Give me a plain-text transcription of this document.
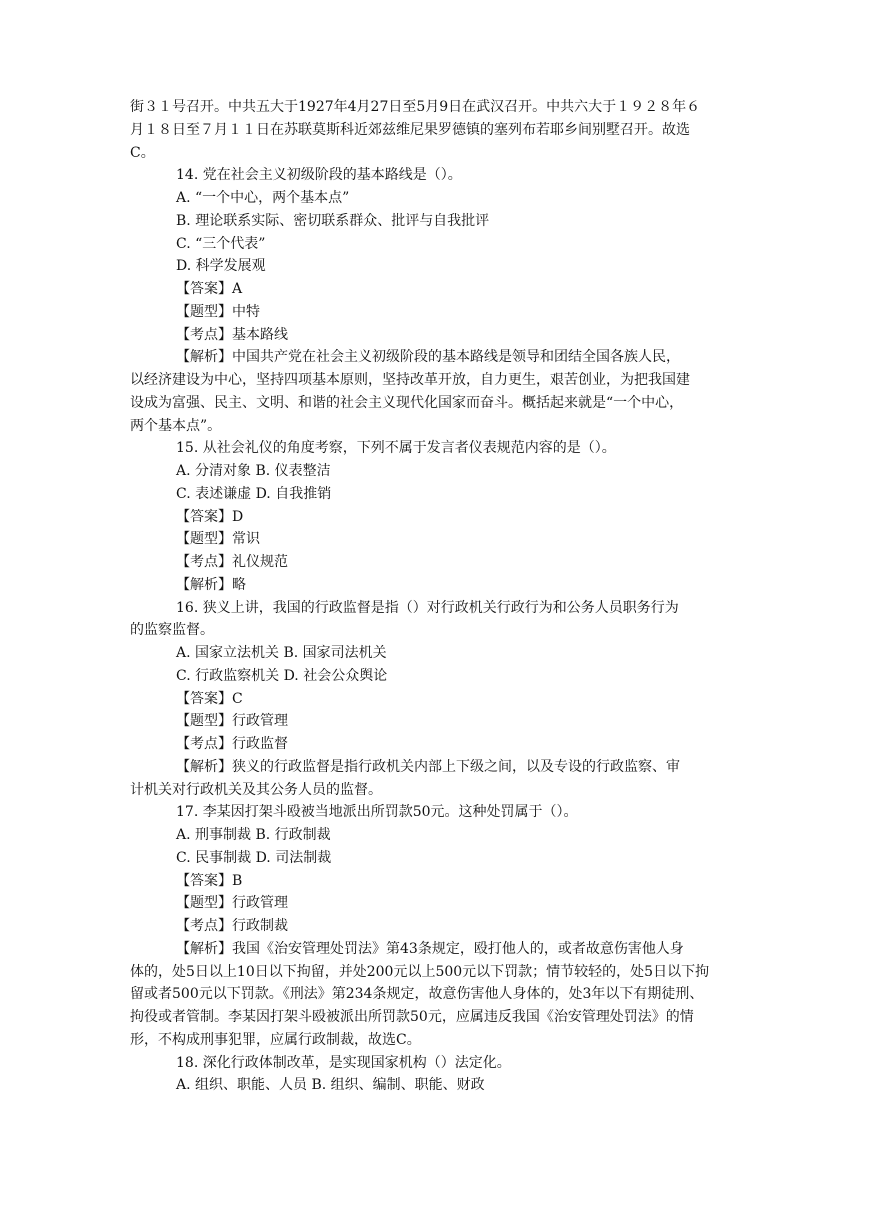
街３１号召开。中共五大于1927年4月27日至5月9日在武汉召开。中共六大于１９２８年６
月１８日至７月１１日在苏联莫斯科近郊兹维尼果罗德镇的塞列布若耶乡间别墅召开。故选
C。
14. 党在社会主义初级阶段的基本路线是（）。
A. “一个中心，两个基本点”
B. 理论联系实际、密切联系群众、批评与自我批评
C. “三个代表”
D. 科学发展观
【答案】A
【题型】中特
【考点】基本路线
【解析】中国共产党在社会主义初级阶段的基本路线是领导和团结全国各族人民，
以经济建设为中心，坚持四项基本原则，坚持改革开放，自力更生，艰苦创业，为把我国建
设成为富强、民主、文明、和谐的社会主义现代化国家而奋斗。概括起来就是“一个中心，
两个基本点”。
15. 从社会礼仪的角度考察，下列不属于发言者仪表规范内容的是（）。
A. 分清对象 B. 仪表整洁
C. 表述谦虚 D. 自我推销
【答案】D
【题型】常识
【考点】礼仪规范
【解析】略
16. 狭义上讲，我国的行政监督是指（）对行政机关行政行为和公务人员职务行为
的监察监督。
A. 国家立法机关 B. 国家司法机关
C. 行政监察机关 D. 社会公众舆论
【答案】C
【题型】行政管理
【考点】行政监督
【解析】狭义的行政监督是指行政机关内部上下级之间，以及专设的行政监察、审
计机关对行政机关及其公务人员的监督。
17. 李某因打架斗殴被当地派出所罚款50元。这种处罚属于（）。
A. 刑事制裁 B. 行政制裁
C. 民事制裁 D. 司法制裁
【答案】B
【题型】行政管理
【考点】行政制裁
【解析】我国《治安管理处罚法》第43条规定，殴打他人的，或者故意伤害他人身
体的，处5日以上10日以下拘留，并处200元以上500元以下罚款；情节较轻的，处5日以下拘
留或者500元以下罚款。《刑法》第234条规定，故意伤害他人身体的，处3年以下有期徒刑、
拘役或者管制。李某因打架斗殴被派出所罚款50元，应属违反我国《治安管理处罚法》的情
形，不构成刑事犯罪，应属行政制裁，故选C。
18. 深化行政体制改革，是实现国家机构（）法定化。
A. 组织、职能、人员 B. 组织、编制、职能、财政
